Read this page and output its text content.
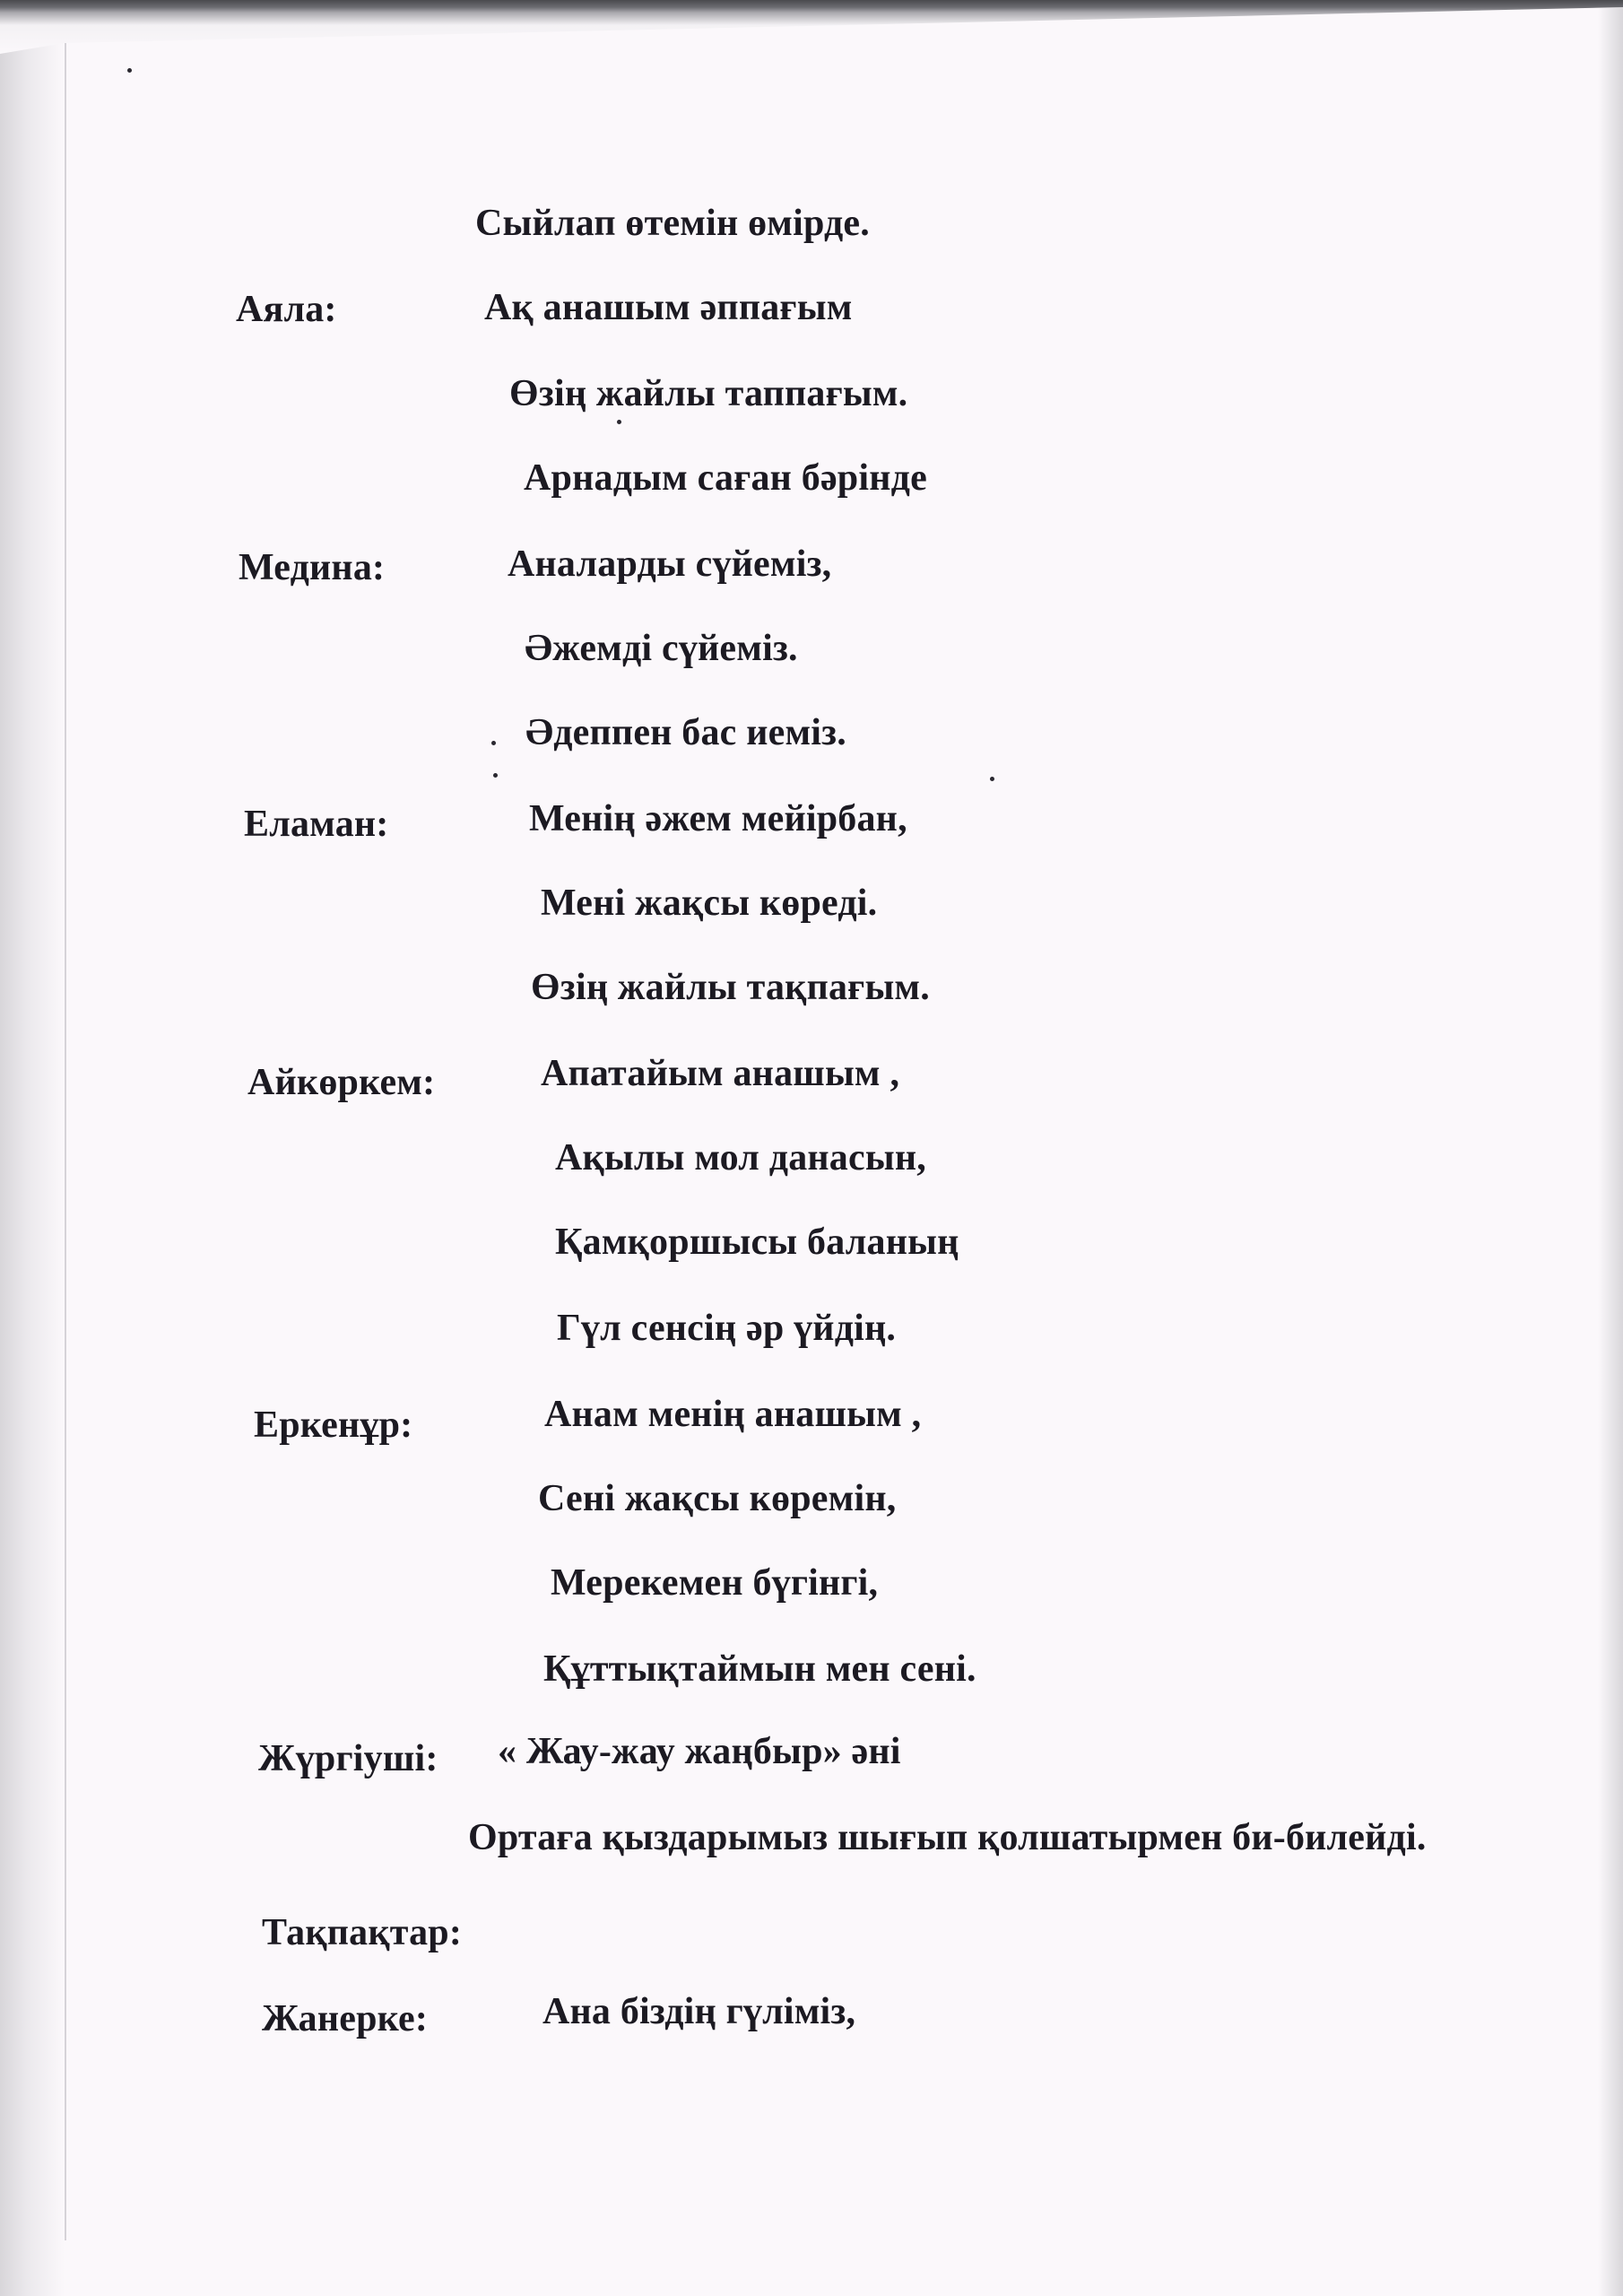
Сыйлап өтемін өмірде.
Аяла:	Ақ анашым әппағым
Өзің жайлы таппағым.
Арнадым саған бәрінде
Медина:	Аналарды сүйеміз,
Әжемді сүйеміз.
Әдеппен бас иеміз.
Еламан:	Менің әжем мейірбан,
Мені жақсы көреді.
Өзің жайлы тақпағым.
Айкөркем:	Апатайым анашым ,
Ақылы мол данасын,
Қамқоршысы баланың
Гүл сенсің әр үйдің.
Еркенұр:	Анам менің анашым ,
Сені жақсы көремін,
Мерекемен бүгінгі,
Құттықтаймын мен сені.
Жүргіуші: « Жау-жау жаңбыр» әні
Ортаға қыздарымыз шығып қолшатырмен би-билейді.
Тақпақтар:
Жанерке:	Ана біздің гүліміз,
